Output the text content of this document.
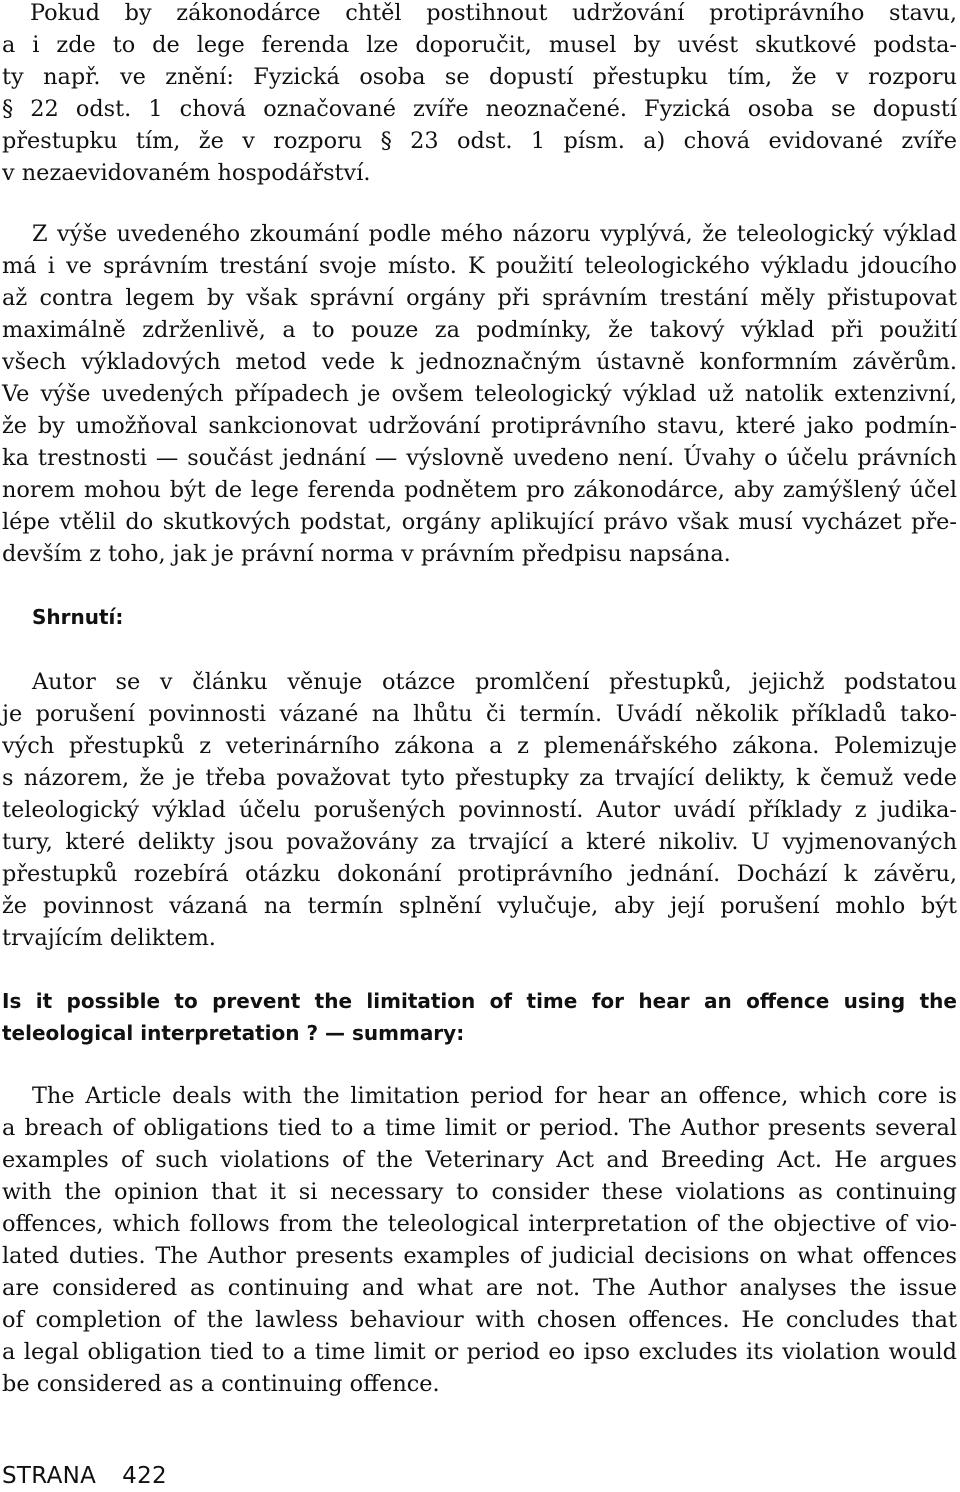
Pokud by zákonodárce chtěl postihnout udržování protiprávního stavu,
a i zde to de lege ferenda lze doporučit, musel by uvést skutkové podsta-
ty např. ve znění: Fyzická osoba se dopustí přestupku tím, že v rozporu
§ 22 odst. 1 chová označované zvíře neoznačené. Fyzická osoba se dopustí
přestupku tím, že v rozporu § 23 odst. 1 písm. a) chová evidované zvíře
v nezaevidovaném hospodářství.

Z výše uvedeného zkoumání podle mého názoru vyplývá, že teleologický výklad
má i ve správním trestání svoje místo. K použití teleologického výkladu jdoucího
až contra legem by však správní orgány při správním trestání měly přistupovat
maximálně zdrženlivě, a to pouze za podmínky, že takový výklad při použití
všech výkladových metod vede k jednoznačným ústavně konformním závěrům.
Ve výše uvedených případech je ovšem teleologický výklad už natolik extenzivní,
že by umožňoval sankcionovat udržování protiprávního stavu, které jako podmín-
ka trestnosti — součást jednání — výslovně uvedeno není. Úvahy o účelu právních
norem mohou být de lege ferenda podnětem pro zákonodárce, aby zamýšlený účel
lépe vtělil do skutkových podstat, orgány aplikující právo však musí vycházet pře-
devším z toho, jak je právní norma v právním předpisu napsána.

Shrnutí:

Autor se v článku věnuje otázce promlčení přestupků, jejichž podstatou
je porušení povinnosti vázané na lhůtu či termín. Uvádí několik příkladů tako-
vých přestupků z veterinárního zákona a z plemenářského zákona. Polemizuje
s názorem, že je třeba považovat tyto přestupky za trvající delikty, k čemuž vede
teleologický výklad účelu porušených povinností. Autor uvádí příklady z judika-
tury, které delikty jsou považovány za trvající a které nikoliv. U vyjmenovaných
přestupků rozebírá otázku dokonání protiprávního jednání. Dochází k závěru,
že povinnost vázaná na termín splnění vylučuje, aby její porušení mohlo být
trvajícím deliktem.

Is it possible to prevent the limitation of time for hear an offence using the
teleological interpretation ? — summary:

The Article deals with the limitation period for hear an offence, which core is
a breach of obligations tied to a time limit or period. The Author presents several
examples of such violations of the Veterinary Act and Breeding Act. He argues
with the opinion that it si necessary to consider these violations as continuing
offences, which follows from the teleological interpretation of the objective of vio-
lated duties. The Author presents examples of judicial decisions on what offences
are considered as continuing and what are not. The Author analyses the issue
of completion of the lawless behaviour with chosen offences. He concludes that
a legal obligation tied to a time limit or period eo ipso excludes its violation would
be considered as a continuing offence.

STRANA 422
